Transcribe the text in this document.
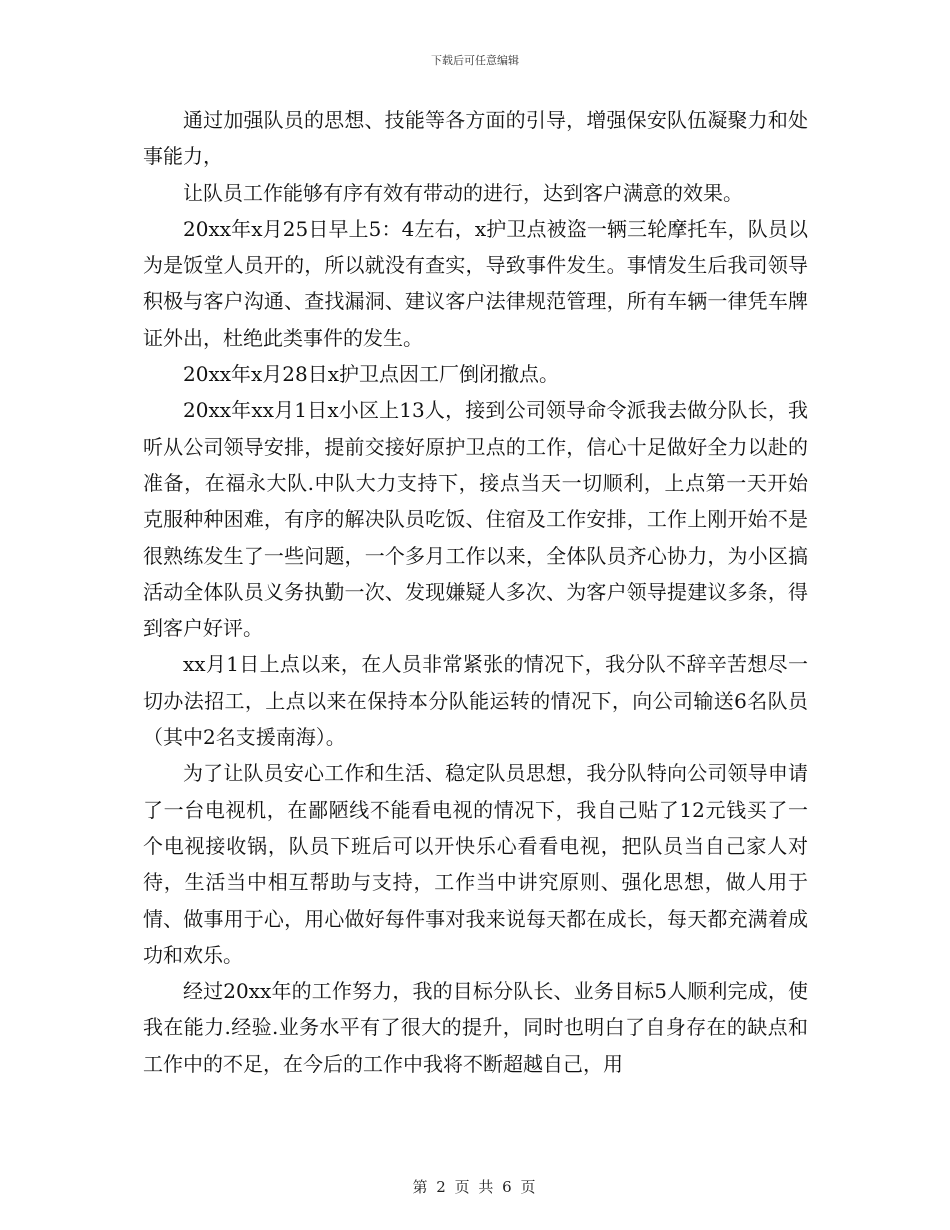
下载后可任意编辑

通过加强队员的思想、技能等各方面的引导，增强保安队伍凝聚力和处事能力，

让队员工作能够有序有效有带动的进行，达到客户满意的效果。

20xx年x月25日早上5：4左右，x护卫点被盗一辆三轮摩托车，队员以为是饭堂人员开的，所以就没有查实，导致事件发生。事情发生后我司领导积极与客户沟通、查找漏洞、建议客户法律规范管理，所有车辆一律凭车牌证外出，杜绝此类事件的发生。

20xx年x月28日x护卫点因工厂倒闭撤点。

20xx年xx月1日x小区上13人，接到公司领导命令派我去做分队长，我听从公司领导安排，提前交接好原护卫点的工作，信心十足做好全力以赴的准备，在福永大队.中队大力支持下，接点当天一切顺利，上点第一天开始克服种种困难，有序的解决队员吃饭、住宿及工作安排，工作上刚开始不是很熟练发生了一些问题，一个多月工作以来，全体队员齐心协力，为小区搞活动全体队员义务执勤一次、发现嫌疑人多次、为客户领导提建议多条，得到客户好评。

xx月1日上点以来，在人员非常紧张的情况下，我分队不辞辛苦想尽一切办法招工，上点以来在保持本分队能运转的情况下，向公司输送6名队员（其中2名支援南海）。

为了让队员安心工作和生活、稳定队员思想，我分队特向公司领导申请了一台电视机，在鄙陋线不能看电视的情况下，我自己贴了12元钱买了一个电视接收锅，队员下班后可以开快乐心看看电视，把队员当自己家人对待，生活当中相互帮助与支持，工作当中讲究原则、强化思想，做人用于情、做事用于心，用心做好每件事对我来说每天都在成长，每天都充满着成功和欢乐。

经过20xx年的工作努力，我的目标分队长、业务目标5人顺利完成，使我在能力.经验.业务水平有了很大的提升，同时也明白了自身存在的缺点和工作中的不足，在今后的工作中我将不断超越自己，用

第 2 页 共 6 页
